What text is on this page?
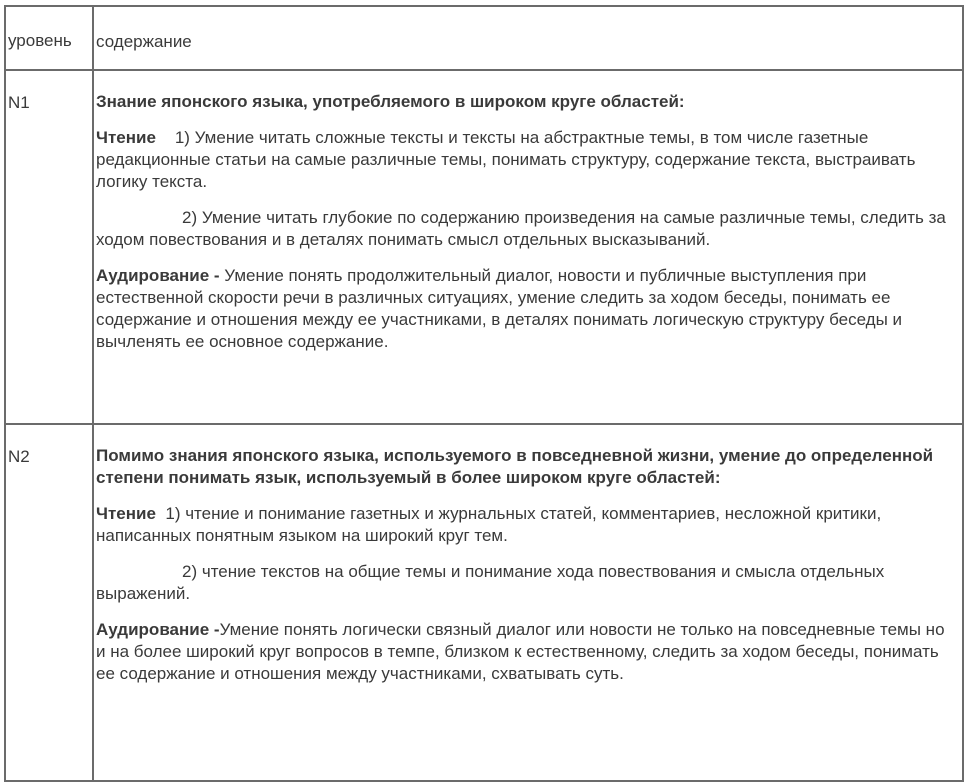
уровень	содержание

N1	Знание японского языка, употребляемого в широком круге областей:

Чтение 1) Умение читать сложные тексты и тексты на абстрактные темы, в том числе газетные редакционные статьи на самые различные темы, понимать структуру, содержание текста, выстраивать логику текста.

2) Умение читать глубокие по содержанию произведения на самые различные темы, следить за ходом повествования и в деталях понимать смысл отдельных высказываний.

Аудирование - Умение понять продолжительный диалог, новости и публичные выступления при естественной скорости речи в различных ситуациях, умение следить за ходом беседы, понимать ее содержание и отношения между ее участниками, в деталях понимать логическую структуру беседы и вычленять ее основное содержание.

N2	Помимо знания японского языка, используемого в повседневной жизни, умение до определенной степени понимать язык, используемый в более широком круге областей:

Чтение 1) чтение и понимание газетных и журнальных статей, комментариев, несложной критики, написанных понятным языком на широкий круг тем.

2) чтение текстов на общие темы и понимание хода повествования и смысла отдельных выражений.

Аудирование -Умение понять логически связный диалог или новости не только на повседневные темы но и на более широкий круг вопросов в темпе, близком к естественному, следить за ходом беседы, понимать ее содержание и отношения между участниками, схватывать суть.
